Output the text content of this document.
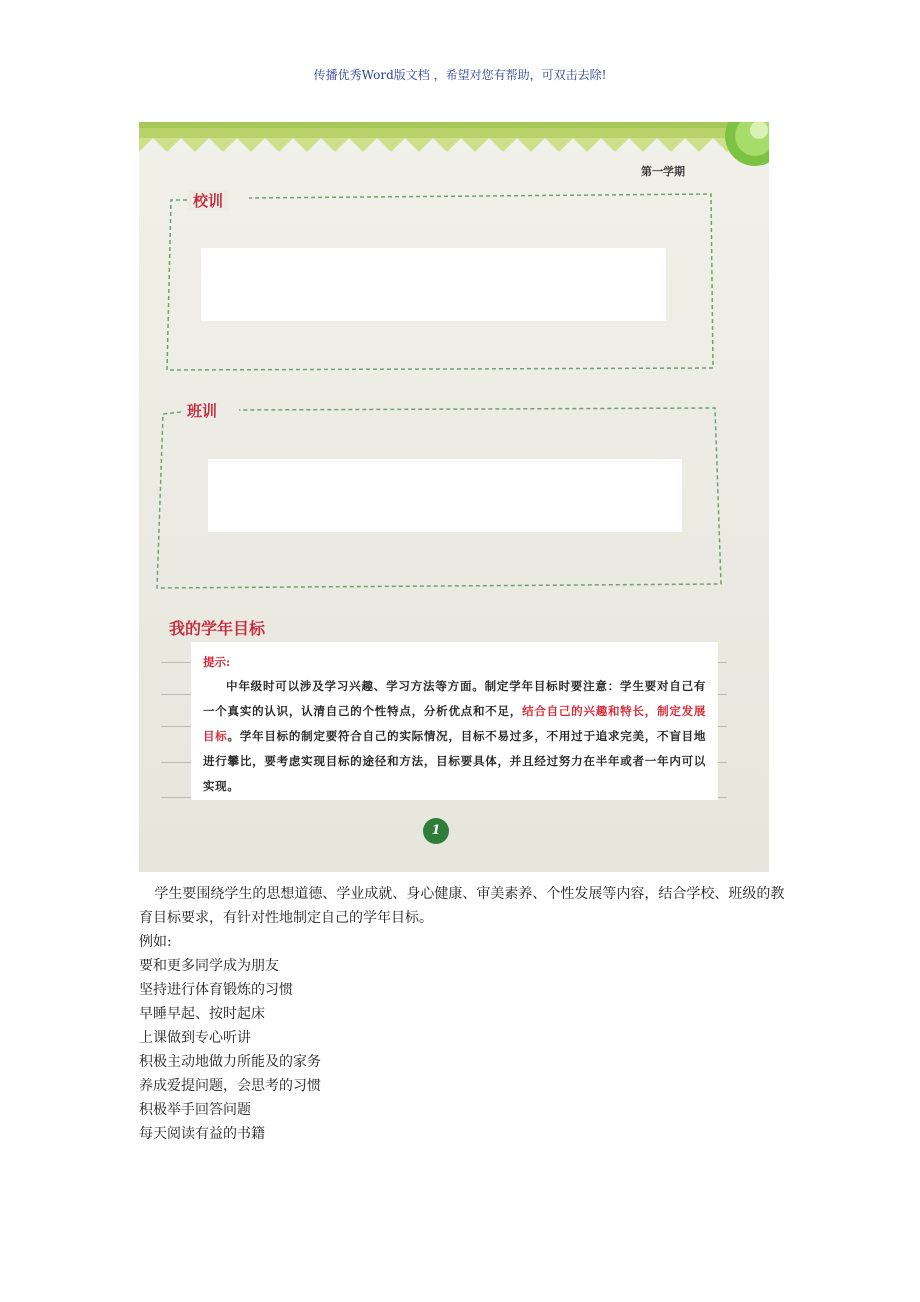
传播优秀Word版文档 ，希望对您有帮助，可双击去除!
第一学期
校训
班训
我的学年目标
提示:
中年级时可以涉及学习兴趣、学习方法等方面。制定学年目标时要注意：学生要对自己有一个真实的认识，认清自己的个性特点，分析优点和不足，结合自己的兴趣和特长，制定发展目标。学年目标的制定要符合自己的实际情况，目标不易过多，不用过于追求完美，不盲目地进行攀比，要考虑实现目标的途径和方法，目标要具体，并且经过努力在半年或者一年内可以实现。
1

学生要围绕学生的思想道德、学业成就、身心健康、审美素养、个性发展等内容，结合学校、班级的教育目标要求，有针对性地制定自己的学年目标。

例如:

要和更多同学成为朋友

坚持进行体育锻炼的习惯

早睡早起、按时起床

上课做到专心听讲

积极主动地做力所能及的家务

养成爱提问题，会思考的习惯

积极举手回答问题

每天阅读有益的书籍
